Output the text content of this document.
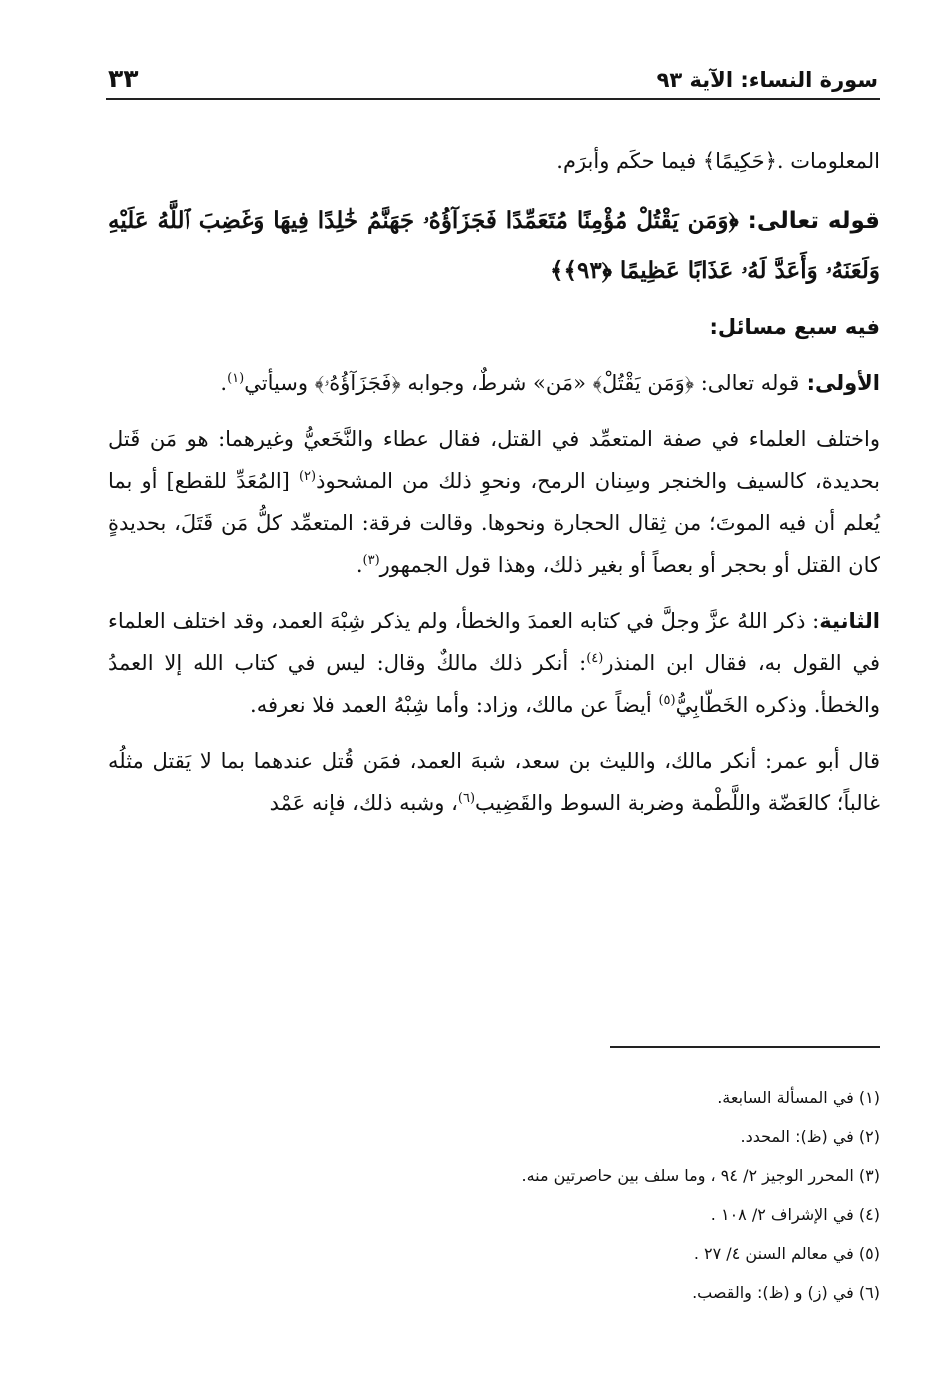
سورة النساء: الآية ٩٣
٣٣

المعلومات .﴿حَكِيمًا﴾ فيما حكَم وأبرَم.

قوله تعالى: ﴿وَمَن يَقْتُلْ مُؤْمِنًا مُتَعَمِّدًا فَجَزَآؤُهُۥ جَهَنَّمُ خَٰلِدًا فِيهَا وَغَضِبَ ٱللَّهُ عَلَيْهِ وَلَعَنَهُۥ وَأَعَدَّ لَهُۥ عَذَابًا عَظِيمًا ﴿٩٣﴾﴾

فيه سبع مسائل:

الأولى: قوله تعالى: ﴿وَمَن يَقْتُلْ﴾ «مَن» شرطٌ، وجوابه ﴿فَجَزَآؤُهُۥ﴾ وسيأتي$^{(١)}$.

واختلف العلماء في صفة المتعمِّد في القتل، فقال عطاء والنَّخَعيُّ وغيرهما: هو مَن قَتل بحديدة، كالسيف والخنجر وسِنان الرمح، ونحوِ ذلك من المشحوذ$^{(٢)}$ [المُعَدِّ للقطع] أو بما يُعلم أن فيه الموتَ؛ من ثِقال الحجارة ونحوها. وقالت فرقة: المتعمِّد كلُّ مَن قَتَلَ، بحديدةٍ كان القتل أو بحجر أو بعصاً أو بغير ذلك، وهذا قول الجمهور$^{(٣)}$.

الثانية: ذكر اللهُ عزَّ وجلَّ في كتابه العمدَ والخطأ، ولم يذكر شِبْهَ العمد، وقد اختلف العلماء في القول به، فقال ابن المنذر$^{(٤)}$: أنكر ذلك مالكٌ وقال: ليس في كتاب الله إلا العمدُ والخطأ. وذكره الخَطّابِيُّ$^{(٥)}$ أيضاً عن مالك، وزاد: وأما شِبْهُ العمد فلا نعرفه.

قال أبو عمر: أنكر مالك، والليث بن سعد، شبهَ العمد، فمَن قُتل عندهما بما لا يَقتل مثلُه غالباً؛ كالعَضّة واللَّطْمة وضربة السوط والقَضِيب$^{(٦)}$، وشبه ذلك، فإنه عَمْد

(١) في المسألة السابعة.
(٢) في (ظ): المحدد.
(٣) المحرر الوجيز ٢/ ٩٤ ، وما سلف بين حاصرتين منه.
(٤) في الإشراف ٢/ ١٠٨ .
(٥) في معالم السنن ٤/ ٢٧ .
(٦) في (ز) و (ظ): والقصب.
